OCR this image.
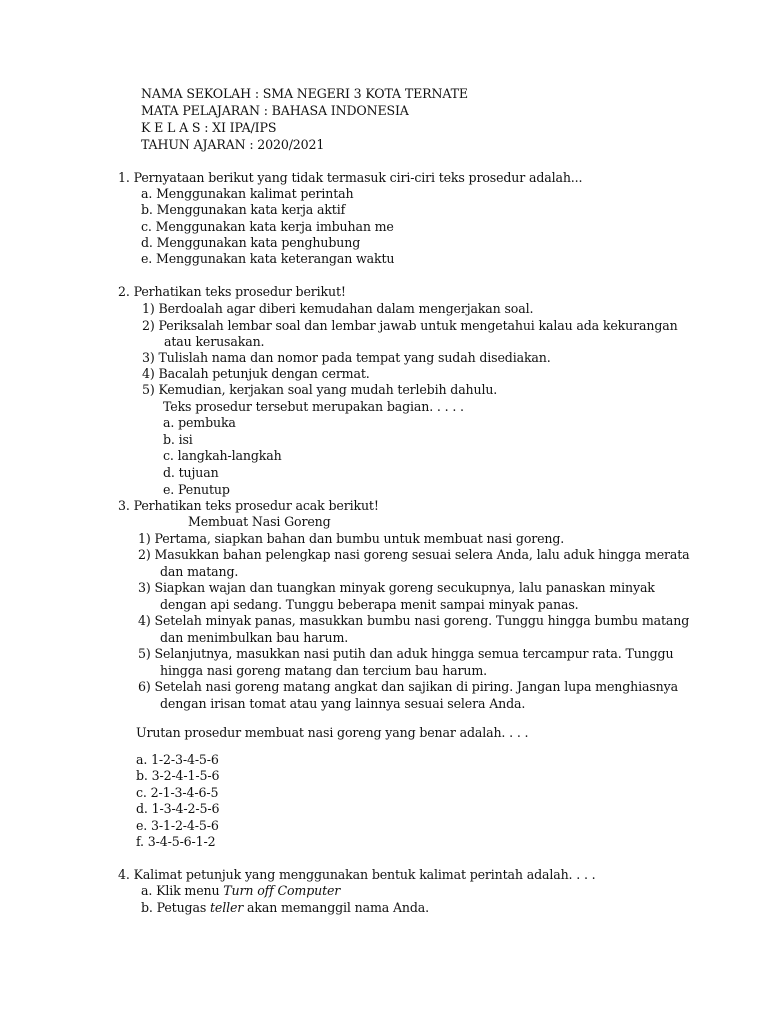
NAMA SEKOLAH : SMA NEGERI 3 KOTA TERNATE
MATA PELAJARAN : BAHASA INDONESIA
K E L A S : XI IPA/IPS
TAHUN AJARAN : 2020/2021
1. Pernyataan berikut yang tidak termasuk ciri-ciri teks prosedur adalah...
a. Menggunakan kalimat perintah
b. Menggunakan kata kerja aktif
c. Menggunakan kata kerja imbuhan me
d. Menggunakan kata penghubung
e. Menggunakan kata keterangan waktu
2. Perhatikan teks prosedur berikut!
1) Berdoalah agar diberi kemudahan dalam mengerjakan soal.
2) Periksalah lembar soal dan lembar jawab untuk mengetahui kalau ada kekurangan
atau kerusakan.
3) Tulislah nama dan nomor pada tempat yang sudah disediakan.
4) Bacalah petunjuk dengan cermat.
5) Kemudian, kerjakan soal yang mudah terlebih dahulu.
Teks prosedur tersebut merupakan bagian. . . . .
a. pembuka
b. isi
c. langkah-langkah
d. tujuan
e. Penutup
3. Perhatikan teks prosedur acak berikut!
Membuat Nasi Goreng
1) Pertama, siapkan bahan dan bumbu untuk membuat nasi goreng.
2) Masukkan bahan pelengkap nasi goreng sesuai selera Anda, lalu aduk hingga merata
dan matang.
3) Siapkan wajan dan tuangkan minyak goreng secukupnya, lalu panaskan minyak
dengan api sedang. Tunggu beberapa menit sampai minyak panas.
4) Setelah minyak panas, masukkan bumbu nasi goreng. Tunggu hingga bumbu matang
dan menimbulkan bau harum.
5) Selanjutnya, masukkan nasi putih dan aduk hingga semua tercampur rata. Tunggu
hingga nasi goreng matang dan tercium bau harum.
6) Setelah nasi goreng matang angkat dan sajikan di piring. Jangan lupa menghiasnya
dengan irisan tomat atau yang lainnya sesuai selera Anda.
Urutan prosedur membuat nasi goreng yang benar adalah. . . .
a. 1-2-3-4-5-6
b. 3-2-4-1-5-6
c. 2-1-3-4-6-5
d. 1-3-4-2-5-6
e. 3-1-2-4-5-6
f. 3-4-5-6-1-2
4. Kalimat petunjuk yang menggunakan bentuk kalimat perintah adalah. . . .
a. Klik menu Turn off Computer
b. Petugas teller akan memanggil nama Anda.
